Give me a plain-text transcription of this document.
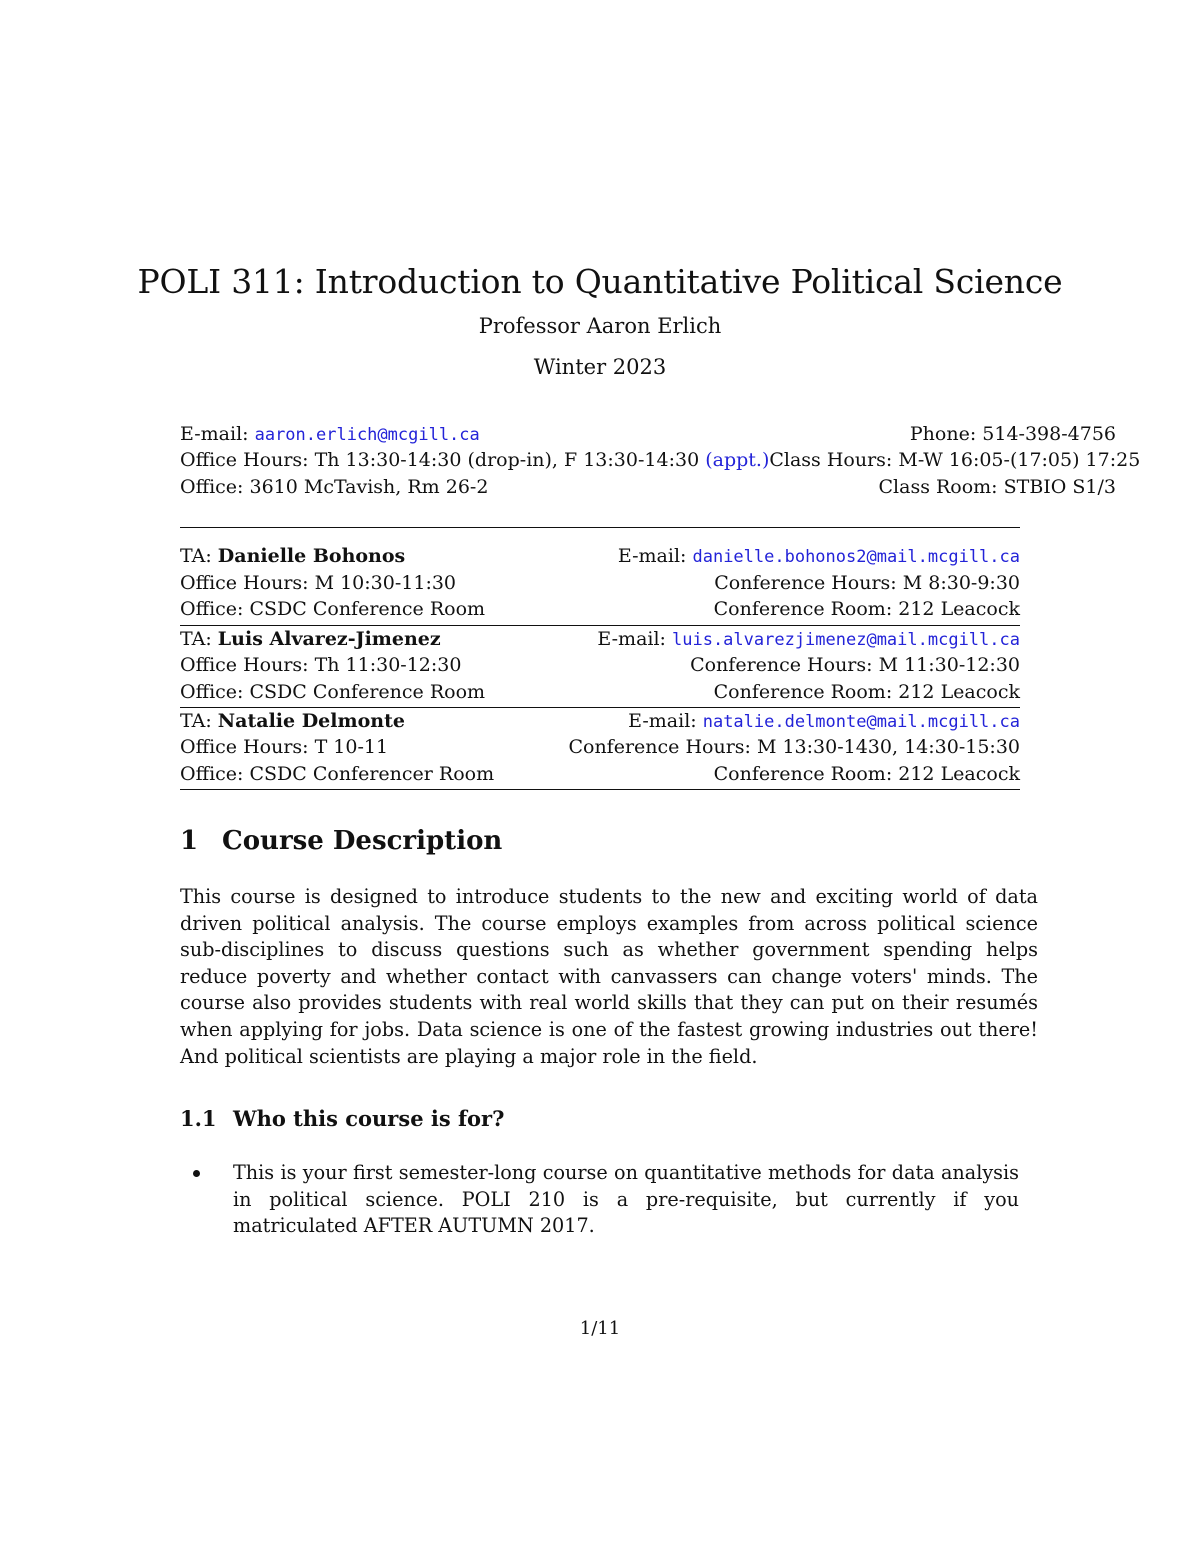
POLI 311: Introduction to Quantitative Political Science
Professor Aaron Erlich
Winter 2023
E-mail: aaron.erlich@mcgill.ca	Phone: 514-398-4756
Office Hours: Th 13:30-14:30 (drop-in), F 13:30-14:30 (appt.) Class Hours: M-W 16:05-(17:05) 17:25
Office: 3610 McTavish, Rm 26-2	Class Room: STBIO S1/3
TA: Danielle Bohonos	E-mail: danielle.bohonos2@mail.mcgill.ca
Office Hours: M 10:30-11:30	Conference Hours: M 8:30-9:30
Office: CSDC Conference Room	Conference Room: 212 Leacock
TA: Luis Alvarez-Jimenez	E-mail: luis.alvarezjimenez@mail.mcgill.ca
Office Hours: Th 11:30-12:30	Conference Hours: M 11:30-12:30
Office: CSDC Conference Room	Conference Room: 212 Leacock
TA: Natalie Delmonte	E-mail: natalie.delmonte@mail.mcgill.ca
Office Hours: T 10-11	Conference Hours: M 13:30-1430, 14:30-15:30
Office: CSDC Conferencer Room	Conference Room: 212 Leacock
1 Course Description
This course is designed to introduce students to the new and exciting world of data driven political analysis. The course employs examples from across political science sub-disciplines to discuss questions such as whether government spending helps reduce poverty and whether contact with canvassers can change voters' minds. The course also provides students with real world skills that they can put on their resumés when applying for jobs. Data science is one of the fastest growing industries out there! And political scientists are playing a major role in the field.
1.1 Who this course is for?
This is your first semester-long course on quantitative methods for data analysis in political science. POLI 210 is a pre-requisite, but currently if you matriculated AFTER AUTUMN 2017.
1/11
